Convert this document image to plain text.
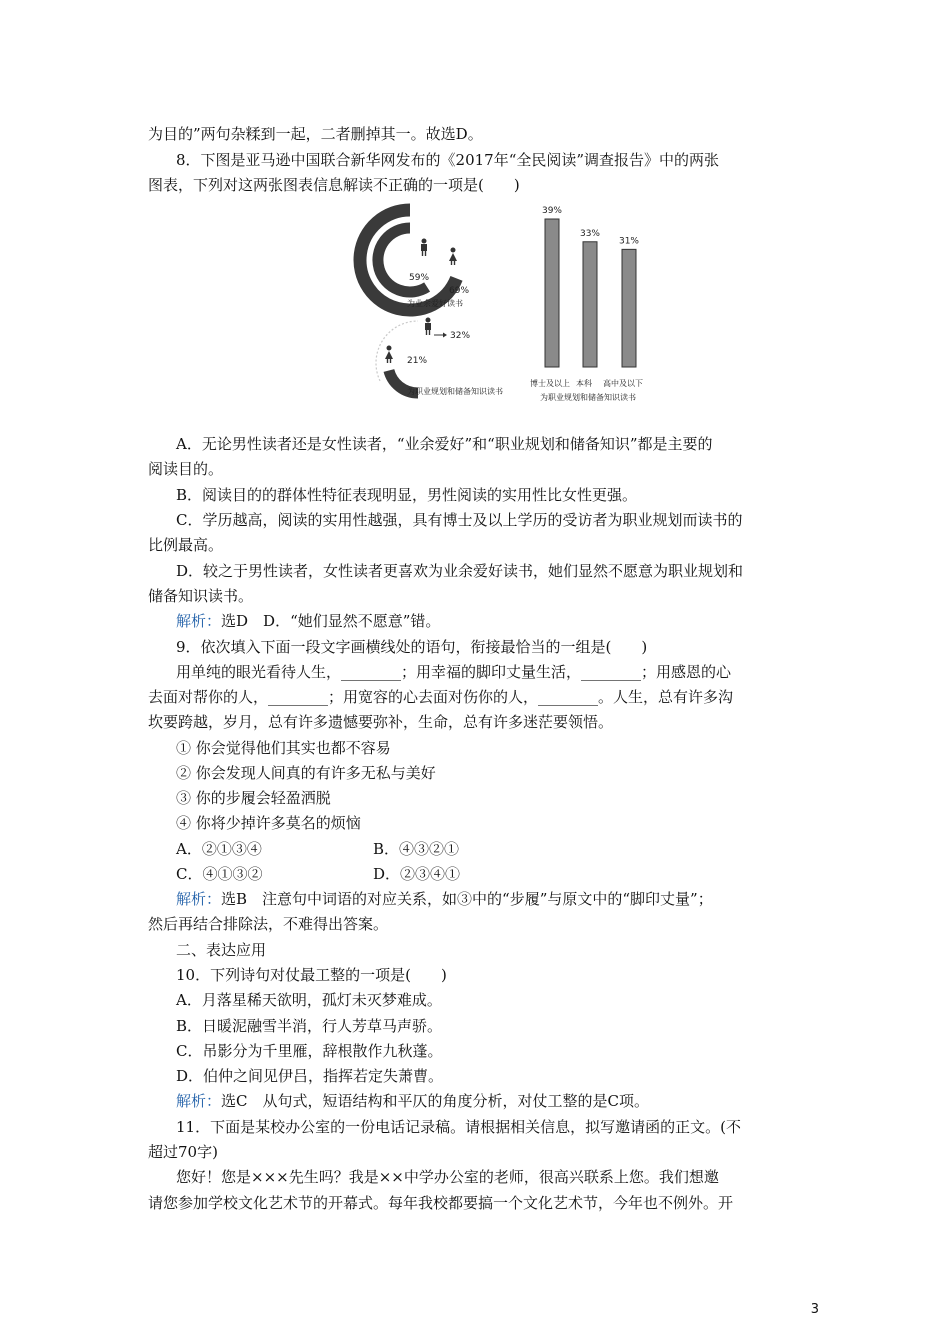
为目的”两句杂糅到一起，二者删掉其一。故选D。
8．下图是亚马逊中国联合新华网发布的《2017年“全民阅读”调查报告》中的两张
图表，下列对这两张图表信息解读不正确的一项是(　　)
59%
69%
为业余爱好读书
32%
21%
为职业规划和储备知识读书
39%
33%
31%
博士及以上 本科 高中及以下
为职业规划和储备知识读书
A．无论男性读者还是女性读者，“业余爱好”和“职业规划和储备知识”都是主要的
阅读目的。
B．阅读目的的群体性特征表现明显，男性阅读的实用性比女性更强。
C．学历越高，阅读的实用性越强，具有博士及以上学历的受访者为职业规划而读书的
比例最高。
D．较之于男性读者，女性读者更喜欢为业余爱好读书，她们显然不愿意为职业规划和
储备知识读书。
解析：选D　D．“她们显然不愿意”错。
9．依次填入下面一段文字画横线处的语句，衔接最恰当的一组是(　　)
用单纯的眼光看待人生，________；用幸福的脚印丈量生活，________；用感恩的心
去面对帮你的人，________；用宽容的心去面对伤你的人，________。人生，总有许多沟
坎要跨越，岁月，总有许多遗憾要弥补，生命，总有许多迷茫要领悟。
① 你会觉得他们其实也都不容易
② 你会发现人间真的有许多无私与美好
③ 你的步履会轻盈洒脱
④ 你将少掉许多莫名的烦恼
A．②①③④	B．④③②①
C．④①③②	D．②③④①
解析：选B　注意句中词语的对应关系，如③中的“步履”与原文中的“脚印丈量”；
然后再结合排除法，不难得出答案。
二、表达应用
10．下列诗句对仗最工整的一项是(　　)
A．月落星稀天欲明，孤灯未灭梦难成。
B．日暖泥融雪半消，行人芳草马声骄。
C．吊影分为千里雁，辞根散作九秋蓬。
D．伯仲之间见伊吕，指挥若定失萧曹。
解析：选C　从句式，短语结构和平仄的角度分析，对仗工整的是C项。
11．下面是某校办公室的一份电话记录稿。请根据相关信息，拟写邀请函的正文。(不
超过70字)
您好！您是×××先生吗？我是××中学办公室的老师，很高兴联系上您。我们想邀
请您参加学校文化艺术节的开幕式。每年我校都要搞一个文化艺术节，今年也不例外。开
3
